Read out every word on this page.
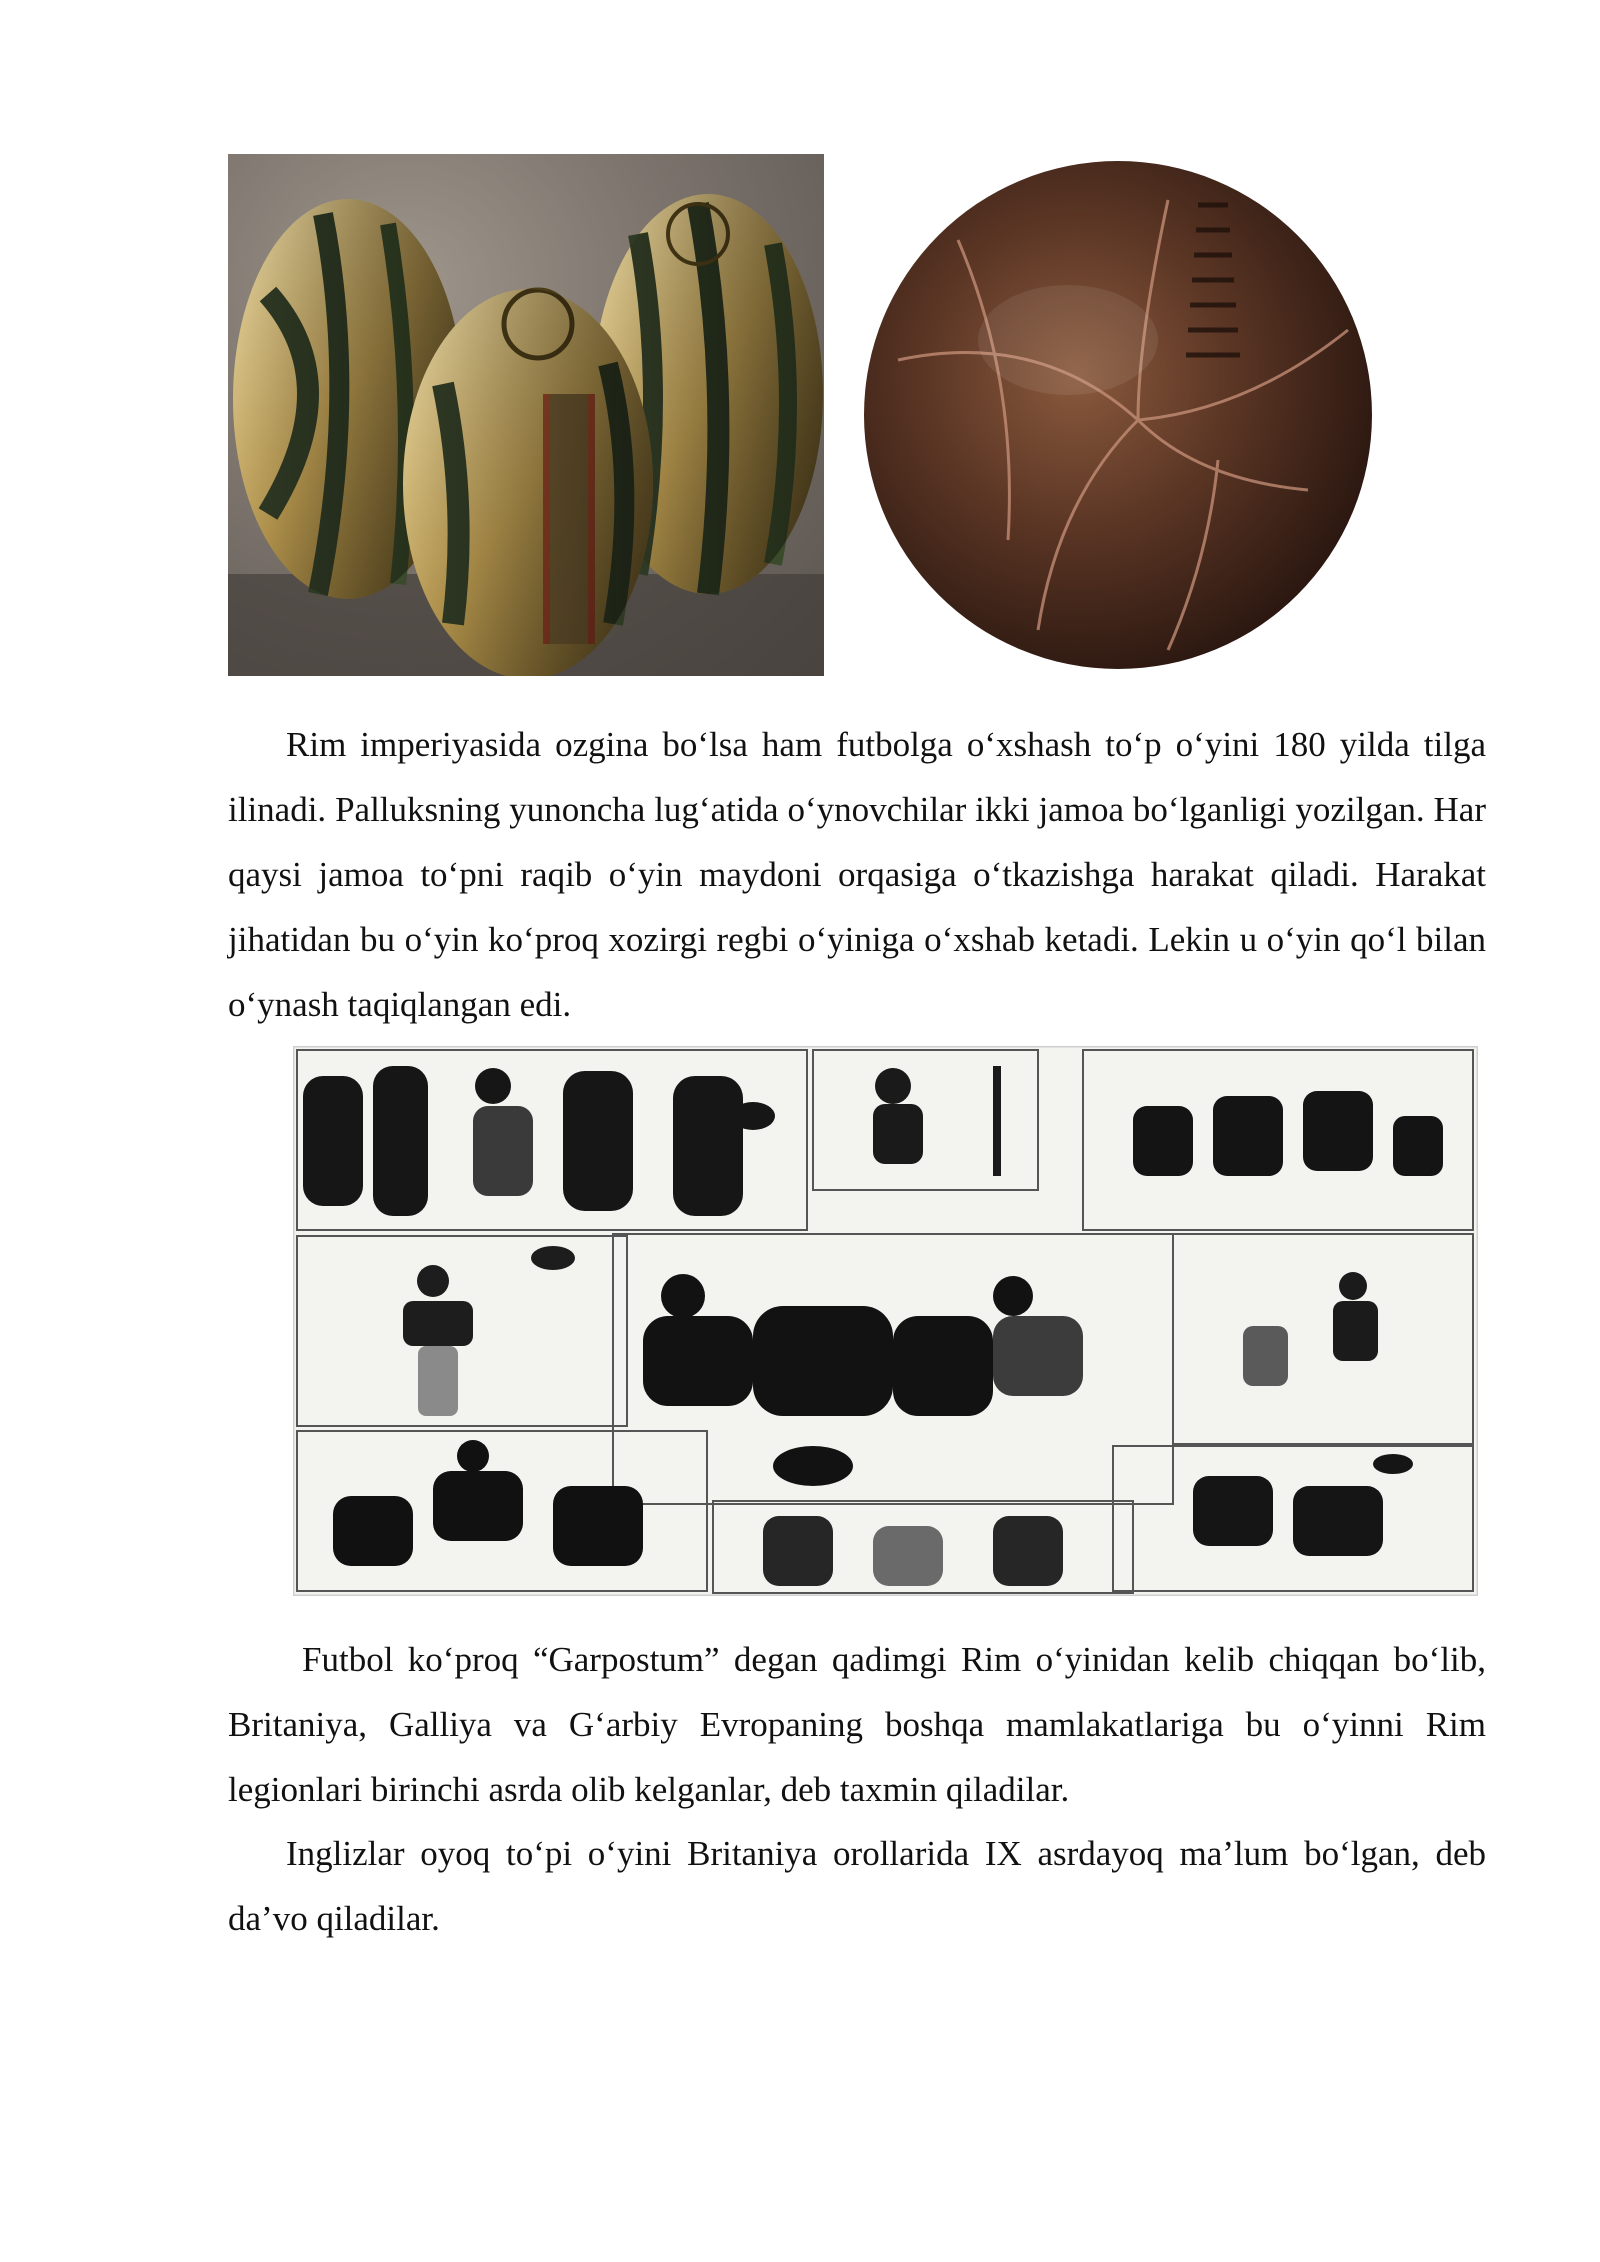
Rim imperiyasida ozgina bo‘lsa ham futbolga o‘xshash to‘p o‘yini 180 yilda tilga ilinadi. Palluksning yunoncha lug‘atida o‘ynovchilar ikki jamoa bo‘lganligi yozilgan. Har qaysi jamoa to‘pni raqib o‘yin maydoni orqasiga o‘tkazishga harakat qiladi. Harakat jihatidan bu o‘yin ko‘proq xozirgi regbi o‘yiniga o‘xshab ketadi. Lekin u o‘yin qo‘l bilan o‘ynash taqiqlangan edi.

Futbol ko‘proq “Garpostum” degan qadimgi Rim o‘yinidan kelib chiqqan bo‘lib, Britaniya, Galliya va G‘arbiy Evropaning boshqa mamlakatlariga bu o‘yinni Rim legionlari birinchi asrda olib kelganlar, deb taxmin qiladilar.

Inglizlar oyoq to‘pi o‘yini Britaniya orollarida IX asrdayoq ma’lum bo‘lgan, deb da’vo qiladilar.
